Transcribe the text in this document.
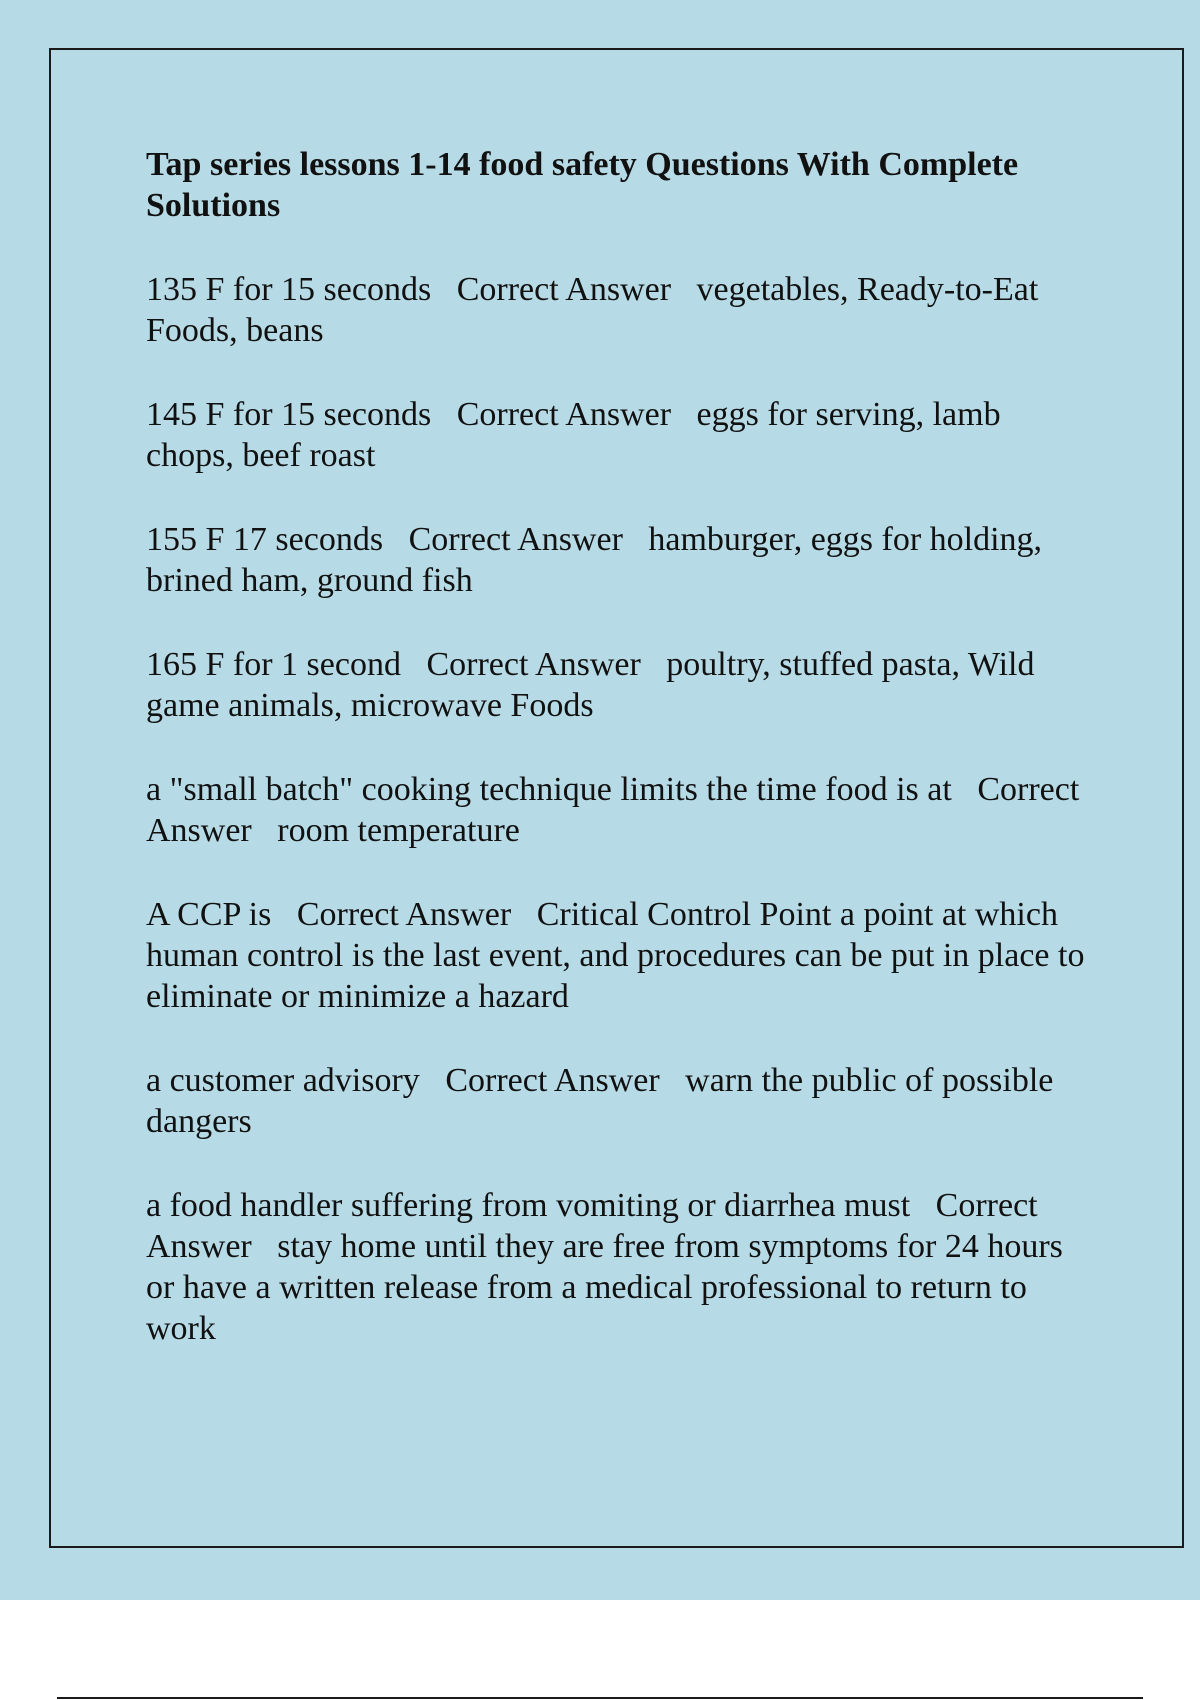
Tap series lessons 1-14 food safety Questions With Complete Solutions
135 F for 15 seconds Correct Answer vegetables, Ready-to-Eat Foods, beans
145 F for 15 seconds Correct Answer eggs for serving, lamb chops, beef roast
155 F 17 seconds Correct Answer hamburger, eggs for holding, brined ham, ground fish
165 F for 1 second Correct Answer poultry, stuffed pasta, Wild game animals, microwave Foods
a "small batch" cooking technique limits the time food is at Correct Answer room temperature
A CCP is Correct Answer Critical Control Point a point at which human control is the last event, and procedures can be put in place to eliminate or minimize a hazard
a customer advisory Correct Answer warn the public of possible dangers
a food handler suffering from vomiting or diarrhea must Correct Answer stay home until they are free from symptoms for 24 hours or have a written release from a medical professional to return to work
